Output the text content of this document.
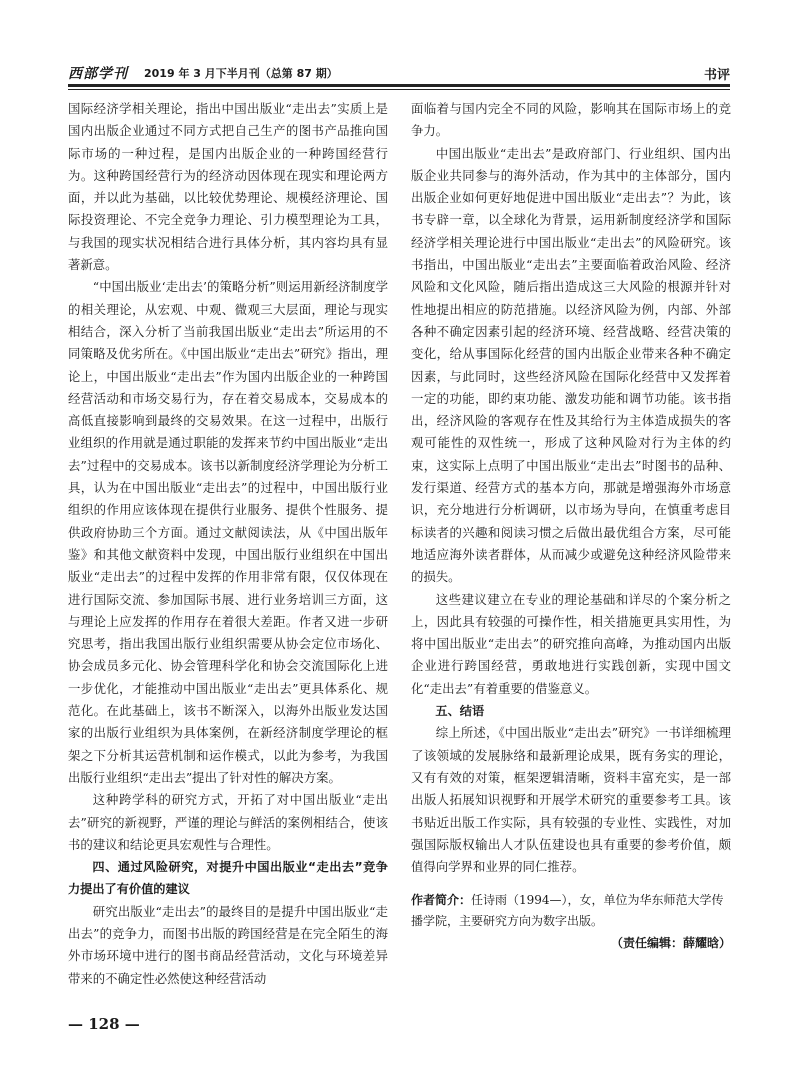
西部学刊 2019 年 3 月下半月刊（总第 87 期）	书评

国际经济学相关理论，指出中国出版业“走出去”实质上是国内出版企业通过不同方式把自己生产的图书产品推向国际市场的一种过程，是国内出版企业的一种跨国经营行为。这种跨国经营行为的经济动因体现在现实和理论两方面，并以此为基础，以比较优势理论、规模经济理论、国际投资理论、不完全竞争力理论、引力模型理论为工具，与我国的现实状况相结合进行具体分析，其内容均具有显著新意。

“中国出版业‘走出去’的策略分析”则运用新经济制度学的相关理论，从宏观、中观、微观三大层面，理论与现实相结合，深入分析了当前我国出版业“走出去”所运用的不同策略及优劣所在。《中国出版业“走出去”研究》指出，理论上，中国出版业“走出去”作为国内出版企业的一种跨国经营活动和市场交易行为，存在着交易成本，交易成本的高低直接影响到最终的交易效果。在这一过程中，出版行业组织的作用就是通过职能的发挥来节约中国出版业“走出去”过程中的交易成本。该书以新制度经济学理论为分析工具，认为在中国出版业“走出去”的过程中，中国出版行业组织的作用应该体现在提供行业服务、提供个性服务、提供政府协助三个方面。通过文献阅读法，从《中国出版年鉴》和其他文献资料中发现，中国出版行业组织在中国出版业“走出去”的过程中发挥的作用非常有限，仅仅体现在进行国际交流、参加国际书展、进行业务培训三方面，这与理论上应发挥的作用存在着很大差距。作者又进一步研究思考，指出我国出版行业组织需要从协会定位市场化、协会成员多元化、协会管理科学化和协会交流国际化上进一步优化，才能推动中国出版业“走出去”更具体系化、规范化。在此基础上，该书不断深入，以海外出版业发达国家的出版行业组织为具体案例，在新经济制度学理论的框架之下分析其运营机制和运作模式，以此为参考，为我国出版行业组织“走出去”提出了针对性的解决方案。

这种跨学科的研究方式，开拓了对中国出版业“走出去”研究的新视野，严谨的理论与鲜活的案例相结合，使该书的建议和结论更具宏观性与合理性。

四、通过风险研究，对提升中国出版业“走出去”竞争力提出了有价值的建议

研究出版业“走出去”的最终目的是提升中国出版业“走出去”的竞争力，而图书出版的跨国经营是在完全陌生的海外市场环境中进行的图书商品经营活动，文化与环境差异带来的不确定性必然使这种经营活动

面临着与国内完全不同的风险，影响其在国际市场上的竞争力。

中国出版业“走出去”是政府部门、行业组织、国内出版企业共同参与的海外活动，作为其中的主体部分，国内出版企业如何更好地促进中国出版业“走出去”？为此，该书专辟一章，以全球化为背景，运用新制度经济学和国际经济学相关理论进行中国出版业“走出去”的风险研究。该书指出，中国出版业“走出去”主要面临着政治风险、经济风险和文化风险，随后指出造成这三大风险的根源并针对性地提出相应的防范措施。以经济风险为例，内部、外部各种不确定因素引起的经济环境、经营战略、经营决策的变化，给从事国际化经营的国内出版企业带来各种不确定因素，与此同时，这些经济风险在国际化经营中又发挥着一定的功能，即约束功能、激发功能和调节功能。该书指出，经济风险的客观存在性及其给行为主体造成损失的客观可能性的双性统一，形成了这种风险对行为主体的约束，这实际上点明了中国出版业“走出去”时图书的品种、发行渠道、经营方式的基本方向，那就是增强海外市场意识，充分地进行分析调研，以市场为导向，在慎重考虑目标读者的兴趣和阅读习惯之后做出最优组合方案，尽可能地适应海外读者群体，从而减少或避免这种经济风险带来的损失。

这些建议建立在专业的理论基础和详尽的个案分析之上，因此具有较强的可操作性，相关措施更具实用性，为将中国出版业“走出去”的研究推向高峰，为推动国内出版企业进行跨国经营，勇敢地进行实践创新，实现中国文化“走出去”有着重要的借鉴意义。

五、结语

综上所述，《中国出版业“走出去”研究》一书详细梳理了该领域的发展脉络和最新理论成果，既有务实的理论，又有有效的对策，框架逻辑清晰，资料丰富充实，是一部出版人拓展知识视野和开展学术研究的重要参考工具。该书贴近出版工作实际，具有较强的专业性、实践性，对加强国际版权输出人才队伍建设也具有重要的参考价值，颇值得向学界和业界的同仁推荐。

作者简介：任诗雨（1994—），女，单位为华东师范大学传播学院，主要研究方向为数字出版。
（责任编辑：薛耀晗）
— 128 —
